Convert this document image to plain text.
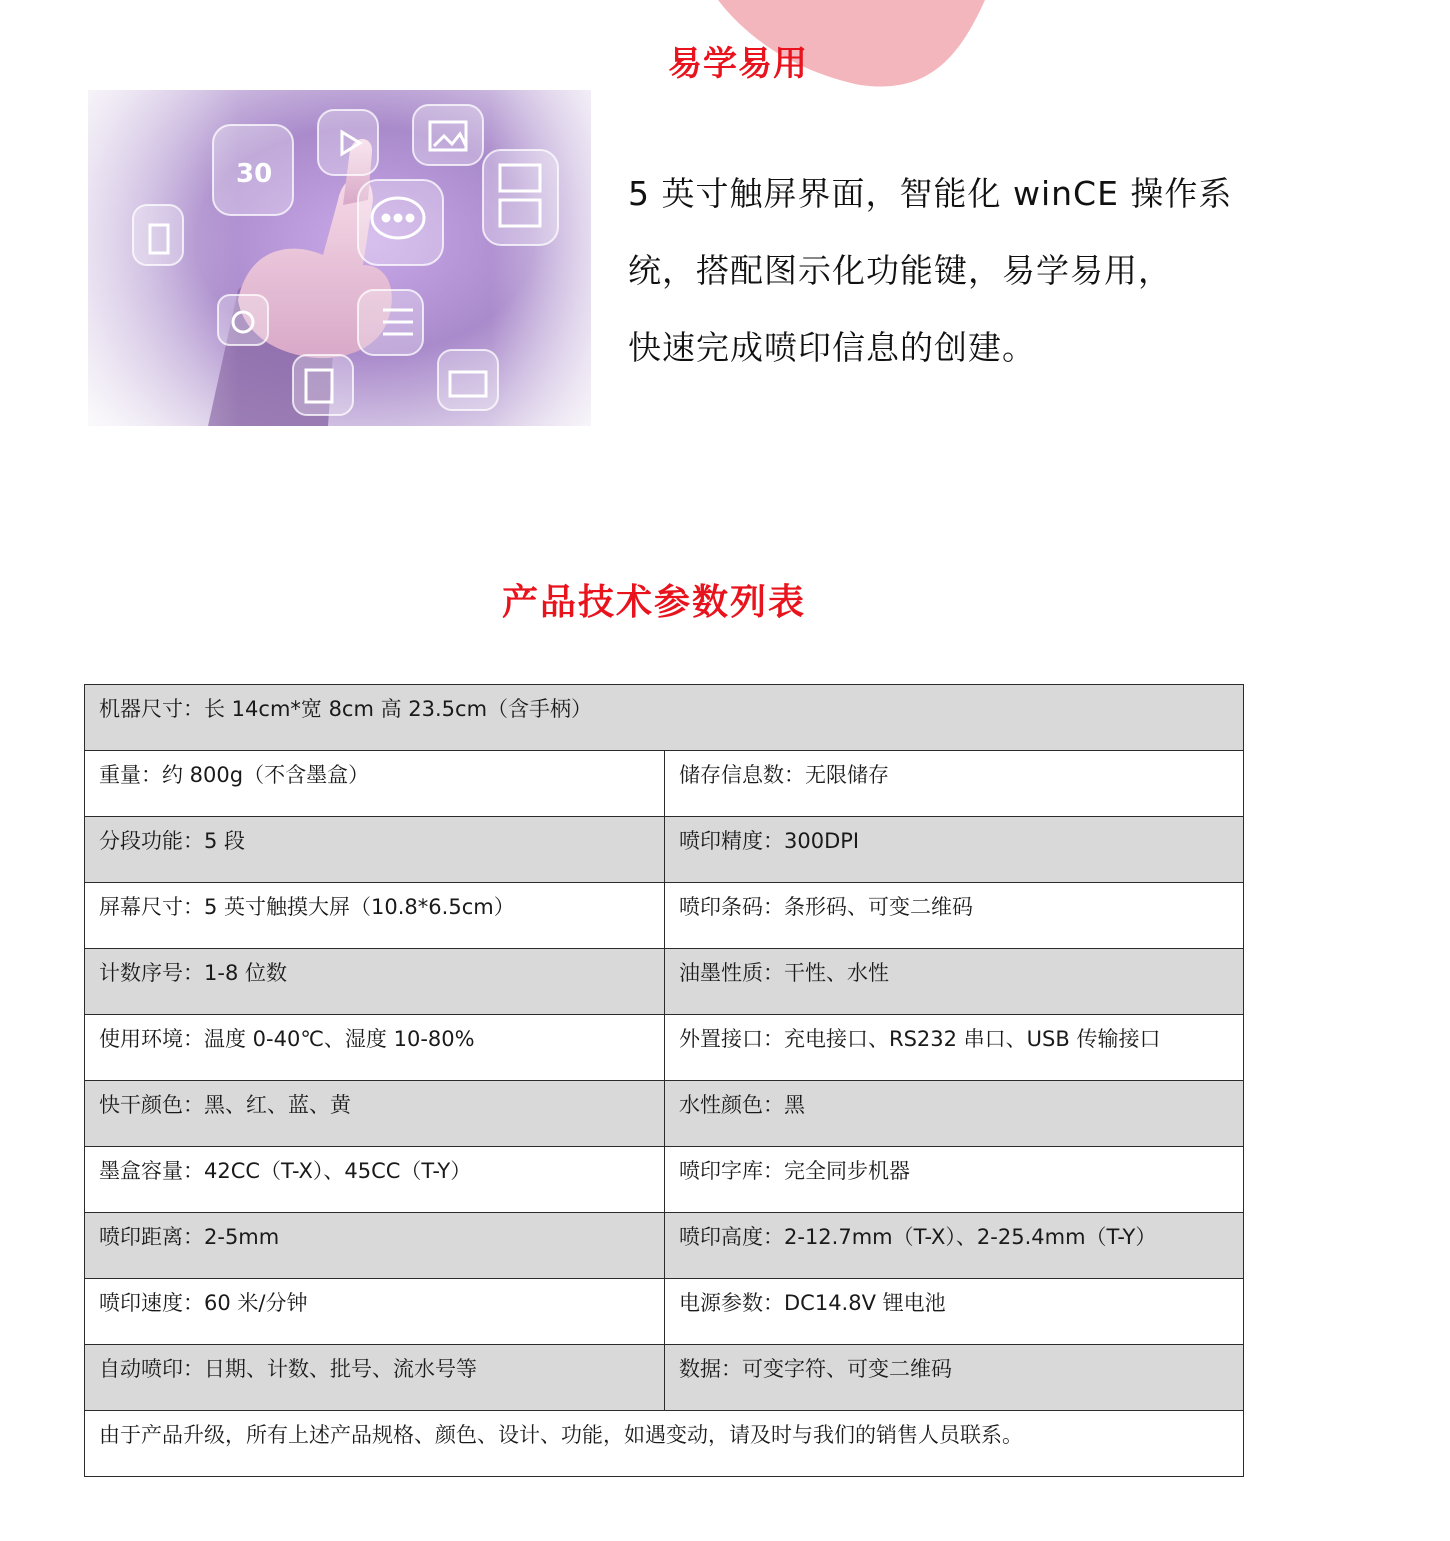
易学易用

5 英寸触屏界面，智能化 winCE 操作系

统，搭配图示化功能键，易学易用，

快速完成喷印信息的创建。

产品技术参数列表
机器尺寸：长 14cm*宽 8cm 高 23.5cm（含手柄）	
重量：约 800g（不含墨盒）	储存信息数：无限储存
分段功能：5 段	喷印精度：300DPI
屏幕尺寸：5 英寸触摸大屏（10.8*6.5cm）	喷印条码：条形码、可变二维码
计数序号：1-8 位数	油墨性质：干性、水性
使用环境：温度 0-40℃、湿度 10-80%	外置接口：充电接口、RS232 串口、USB 传输接口
快干颜色：黑、红、蓝、黄	水性颜色：黑
墨盒容量：42CC（T-X）、45CC（T-Y）	喷印字库：完全同步机器
喷印距离：2-5mm	喷印高度：2-12.7mm（T-X）、2-25.4mm（T-Y）
喷印速度：60 米/分钟	电源参数：DC14.8V 锂电池
自动喷印：日期、计数、批号、流水号等	数据：可变字符、可变二维码
由于产品升级，所有上述产品规格、颜色、设计、功能，如遇变动，请及时与我们的销售人员联系。	
